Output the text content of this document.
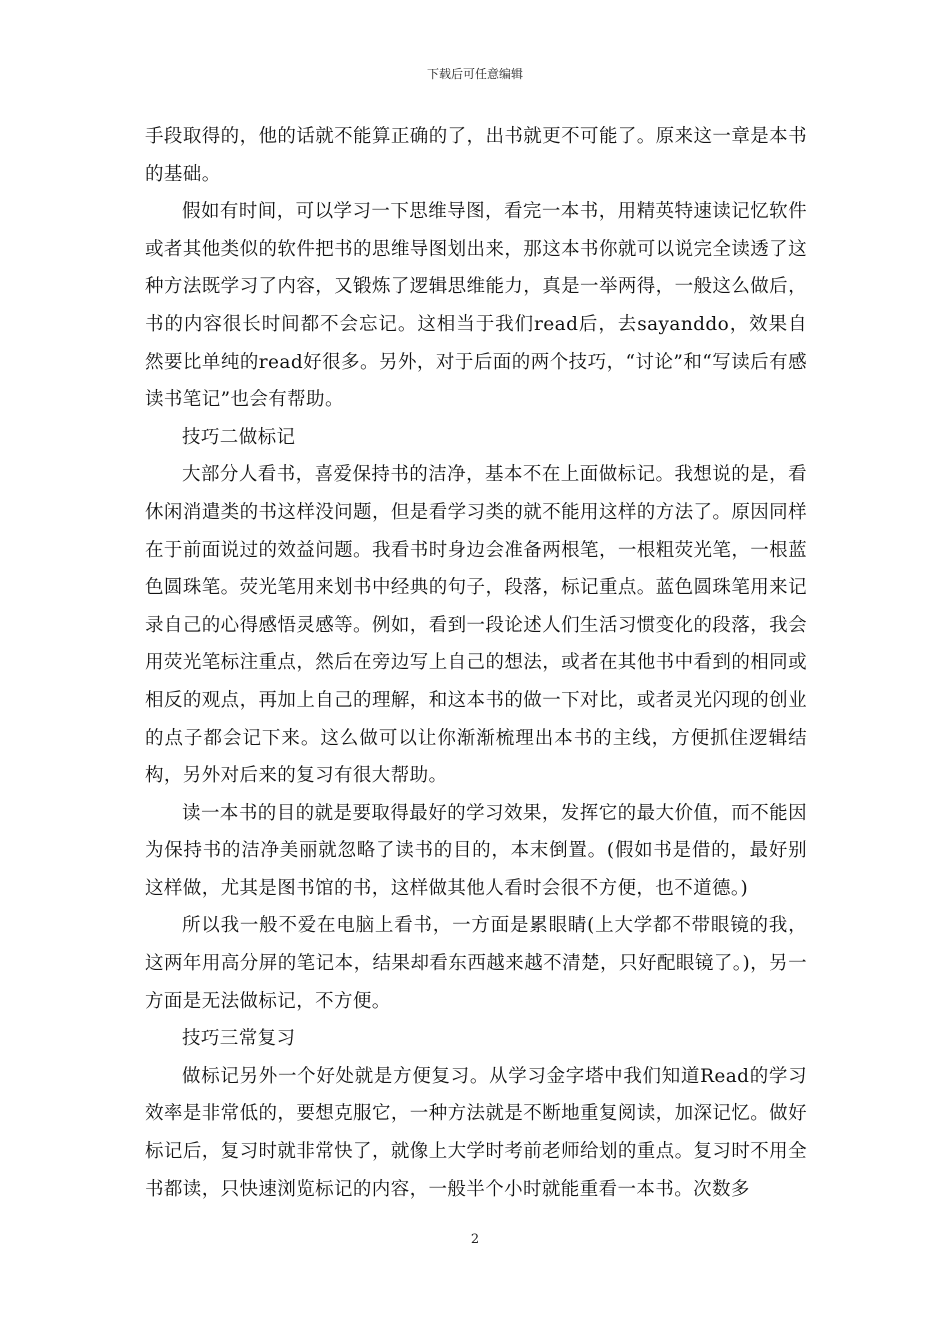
下载后可任意编辑

手段取得的，他的话就不能算正确的了，出书就更不可能了。原来这一章是本书的基础。

假如有时间，可以学习一下思维导图，看完一本书，用精英特速读记忆软件或者其他类似的软件把书的思维导图划出来，那这本书你就可以说完全读透了这种方法既学习了内容，又锻炼了逻辑思维能力，真是一举两得，一般这么做后，书的内容很长时间都不会忘记。这相当于我们read后，去sayanddo，效果自然要比单纯的read好很多。另外，对于后面的两个技巧，“讨论”和“写读后有感读书笔记”也会有帮助。

技巧二做标记

大部分人看书，喜爱保持书的洁净，基本不在上面做标记。我想说的是，看休闲消遣类的书这样没问题，但是看学习类的就不能用这样的方法了。原因同样在于前面说过的效益问题。我看书时身边会准备两根笔，一根粗荧光笔，一根蓝色圆珠笔。荧光笔用来划书中经典的句子，段落，标记重点。蓝色圆珠笔用来记录自己的心得感悟灵感等。例如，看到一段论述人们生活习惯变化的段落，我会用荧光笔标注重点，然后在旁边写上自己的想法，或者在其他书中看到的相同或相反的观点，再加上自己的理解，和这本书的做一下对比，或者灵光闪现的创业的点子都会记下来。这么做可以让你渐渐梳理出本书的主线，方便抓住逻辑结构，另外对后来的复习有很大帮助。

读一本书的目的就是要取得最好的学习效果，发挥它的最大价值，而不能因为保持书的洁净美丽就忽略了读书的目的，本末倒置。(假如书是借的，最好别这样做，尤其是图书馆的书，这样做其他人看时会很不方便，也不道德。)

所以我一般不爱在电脑上看书，一方面是累眼睛(上大学都不带眼镜的我，这两年用高分屏的笔记本，结果却看东西越来越不清楚，只好配眼镜了。)，另一方面是无法做标记，不方便。

技巧三常复习

做标记另外一个好处就是方便复习。从学习金字塔中我们知道Read的学习效率是非常低的，要想克服它，一种方法就是不断地重复阅读，加深记忆。做好标记后，复习时就非常快了，就像上大学时考前老师给划的重点。复习时不用全书都读，只快速浏览标记的内容，一般半个小时就能重看一本书。次数多

2
